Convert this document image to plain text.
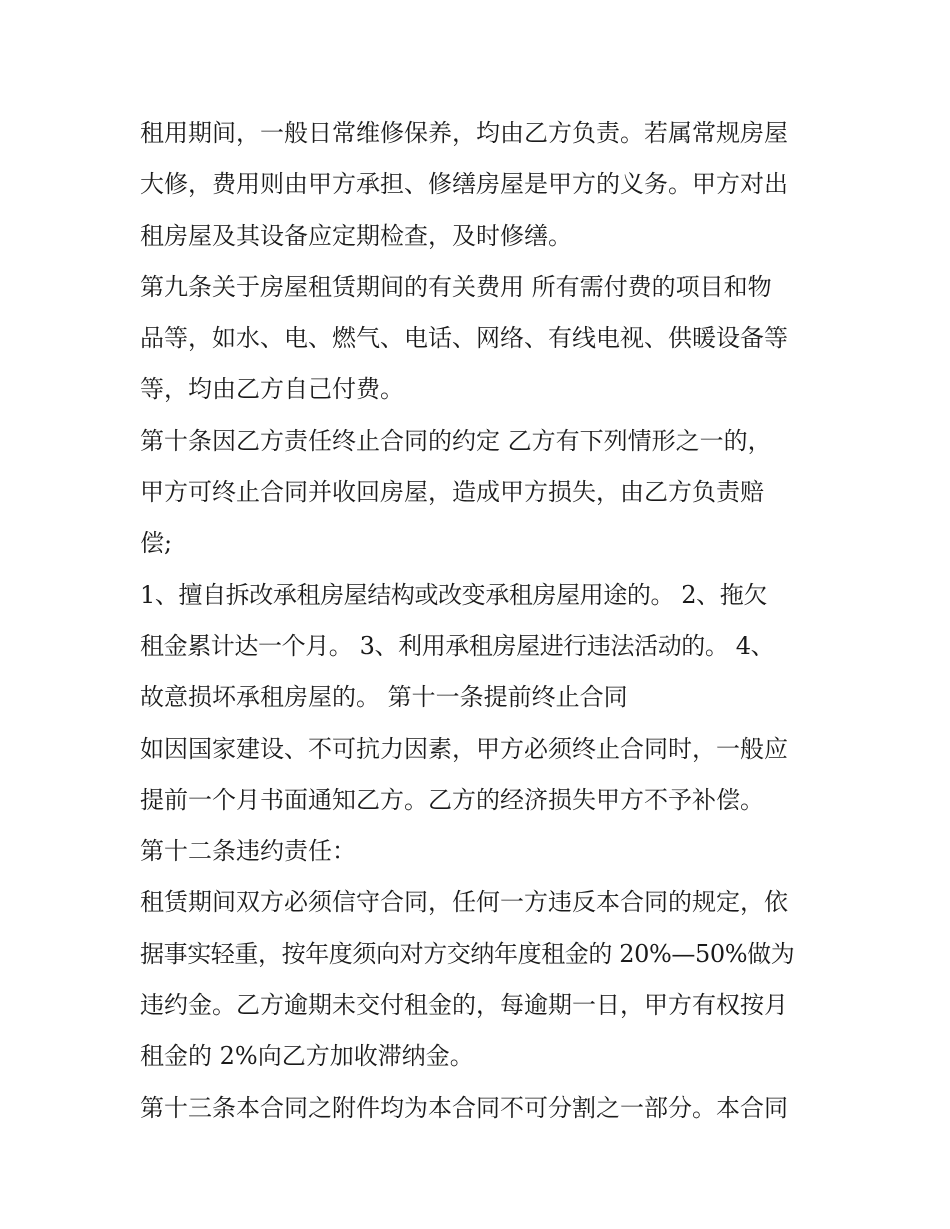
租用期间，一般日常维修保养，均由乙方负责。若属常规房屋
大修，费用则由甲方承担、修缮房屋是甲方的义务。甲方对出
租房屋及其设备应定期检查，及时修缮。
第九条关于房屋租赁期间的有关费用 所有需付费的项目和物
品等，如水、电、燃气、电话、网络、有线电视、供暖设备等
等，均由乙方自己付费。
第十条因乙方责任终止合同的约定 乙方有下列情形之一的，
甲方可终止合同并收回房屋，造成甲方损失，由乙方负责赔
偿;
1、擅自拆改承租房屋结构或改变承租房屋用途的。 2、拖欠
租金累计达一个月。 3、利用承租房屋进行违法活动的。 4、
故意损坏承租房屋的。 第十一条提前终止合同
如因国家建设、不可抗力因素，甲方必须终止合同时，一般应
提前一个月书面通知乙方。乙方的经济损失甲方不予补偿。
第十二条违约责任：
租赁期间双方必须信守合同，任何一方违反本合同的规定，依
据事实轻重，按年度须向对方交纳年度租金的 20%—50%做为
违约金。乙方逾期未交付租金的，每逾期一日，甲方有权按月
租金的 2%向乙方加收滞纳金。
第十三条本合同之附件均为本合同不可分割之一部分。本合同
